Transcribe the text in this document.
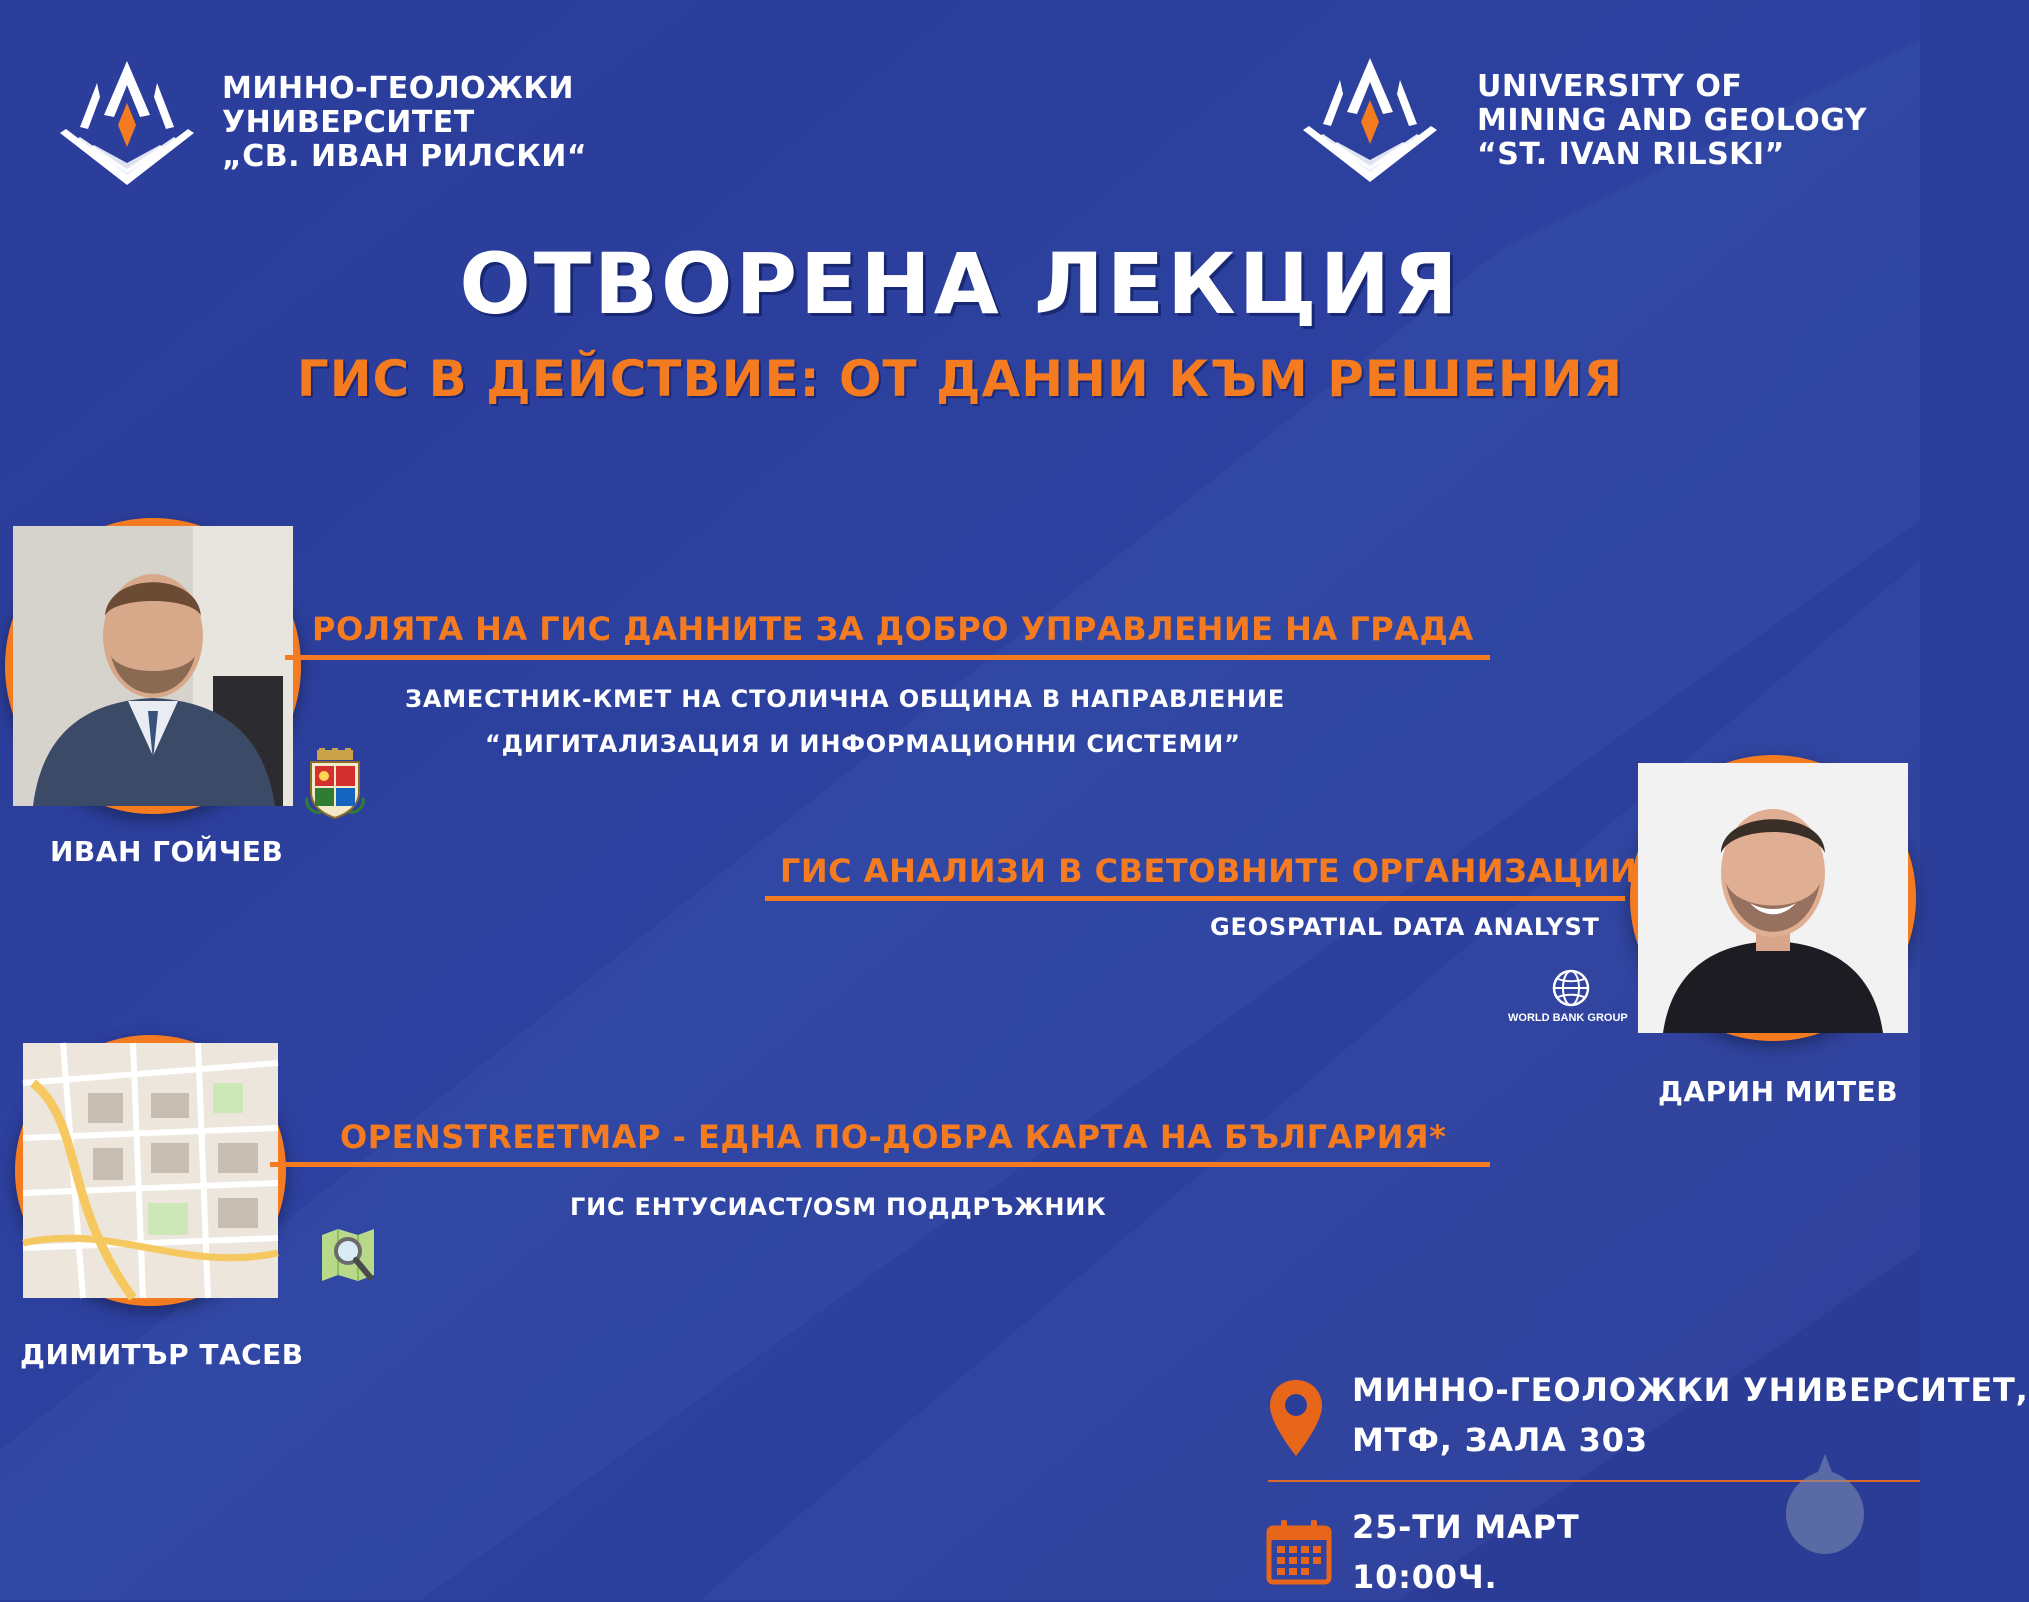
МИННО-ГЕОЛОЖКИ
УНИВЕРСИТЕТ
„СВ. ИВАН РИЛСКИ“
UNIVERSITY OF
MINING AND GEOLOGY
“ST. IVAN RILSKI”
ОТВОРЕНА ЛЕКЦИЯ
ГИС В ДЕЙСТВИЕ: ОТ ДАННИ КЪМ РЕШЕНИЯ
РОЛЯТА НА ГИС ДАННИТЕ ЗА ДОБРО УПРАВЛЕНИЕ НА ГРАДА
ЗАМЕСТНИК-КМЕТ НА СТОЛИЧНА ОБЩИНА В НАПРАВЛЕНИЕ
“ДИГИТАЛИЗАЦИЯ И ИНФОРМАЦИОННИ СИСТЕМИ”
ИВАН ГОЙЧЕВ
ГИС АНАЛИЗИ В СВЕТОВНИТЕ ОРГАНИЗАЦИИ
GEOSPATIAL DATA ANALYST
WORLD BANK GROUP
ДАРИН МИТЕВ
OPENSTREETMAP - ЕДНА ПО-ДОБРА КАРТА НА БЪЛГАРИЯ*
ГИС ЕНТУСИАСТ/OSM ПОДДРЪЖНИК
ДИМИТЪР ТАСЕВ
МИННО-ГЕОЛОЖКИ УНИВЕРСИТЕТ,
МТФ, ЗАЛА 303
25-ТИ МАРТ
10:00Ч.
